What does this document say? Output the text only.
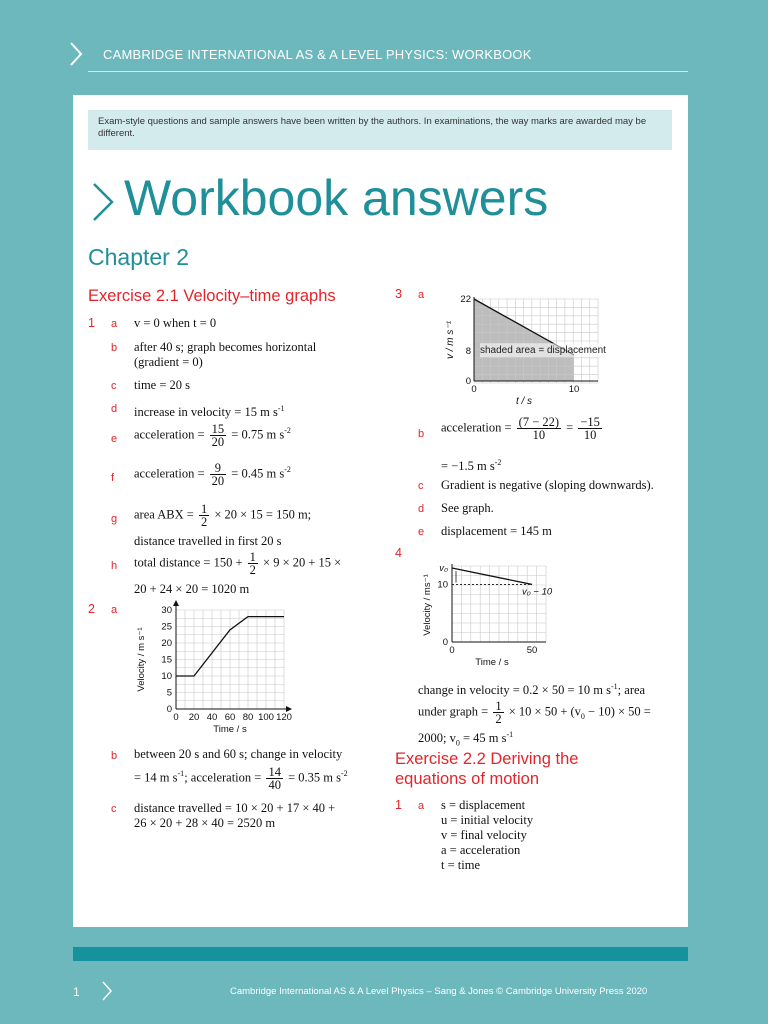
CAMBRIDGE INTERNATIONAL AS & A LEVEL PHYSICS: WORKBOOK
Exam-style questions and sample answers have been written by the authors. In examinations, the way marks are awarded may be different.
Workbook answers
Chapter 2
Exercise 2.1 Velocity–time graphs
1 a v = 0 when t = 0
b after 40 s; graph becomes horizontal
(gradient = 0)
c time = 20 s
d increase in velocity = 15 m $s^{-1}$
e acceleration = $\frac{15}{20} = 0.75$ m $s^{-2}$
f acceleration = $\frac{9}{20} = 0.45$ m $s^{-2}$
g area ABX = $\frac{1}{2} \times 20 \times 15 = 150$ m;
distance travelled in first 20 s
h total distance = $150 + \frac{1}{2} \times 9 \times 20 + 15$ ×
20 + 24 × 20 = 1020 m
2 a
0
5
10
15
20
25
30
0 20 40 60 80 100 120
Time / s
Velocity / m s⁻¹
b between 20 s and 60 s; change in velocity
= 14 m $s^{-1}$; acceleration = $\frac{14}{40} = 0.35$ m $s^{-2}$
c distance travelled = 10 × 20 + 17 × 40 +
26 × 20 + 28 × 40 = 2520 m
3 a
0
8
22
0	10
shaded area = displacement
t / s
v / m s⁻¹
b acceleration = $\frac{(7 - 22)}{10} = \frac{-15}{10}$
= −1.5 m $s^{-2}$
c Gradient is negative (sloping downwards).
d See graph.
e displacement = 145 m
4
0
10
v₀
0	50
v₀ − 10
Time / s
Velocity / ms⁻¹
change in velocity = 0.2 × 50 = 10 m $s^{-1}$; area
under graph = $\frac{1}{2} \times 10 \times 50 + (v_0 - 10) \times 50$ =
2000; $v_0 = 45$ m $s^{-1}$
Exercise 2.2 Deriving the
equations of motion
1 a s = displacement
u = initial velocity
v = final velocity
a = acceleration
t = time
1	Cambridge International AS & A Level Physics – Sang & Jones © Cambridge University Press 2020
